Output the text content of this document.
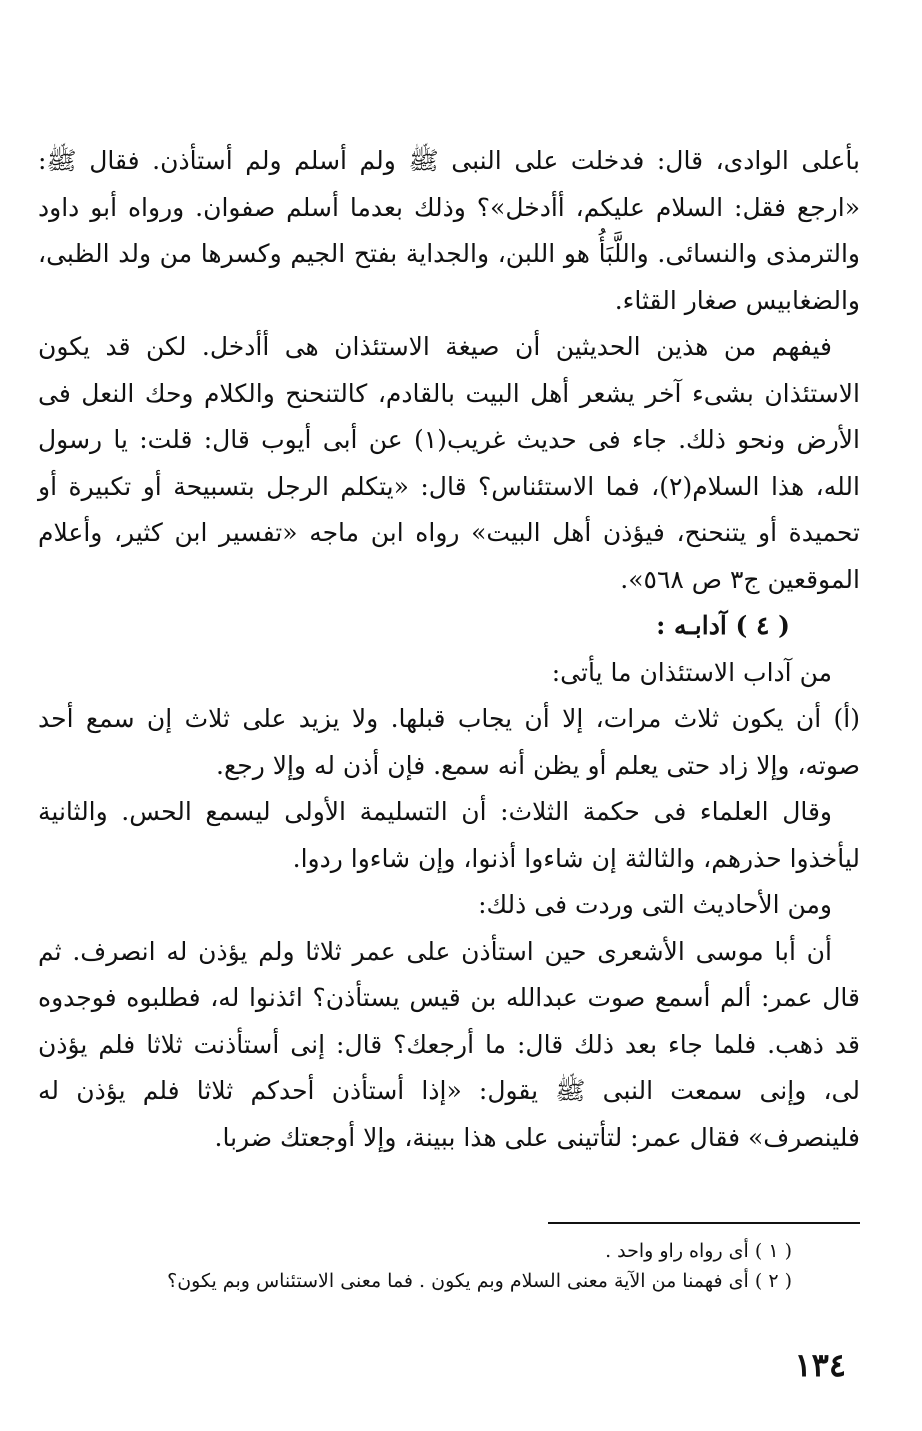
بأعلى الوادى، قال: فدخلت على النبى ﷺ ولم أسلم ولم أستأذن. فقال ﷺ: «ارجع فقل: السلام عليكم، أأدخل»؟ وذلك بعدما أسلم صفوان. ورواه أبو داود والترمذى والنسائى. واللَّبَأُ هو اللبن، والجداية بفتح الجيم وكسرها من ولد الظبى، والضغابيس صغار القثاء.

فيفهم من هذين الحديثين أن صيغة الاستئذان هى أأدخل. لكن قد يكون الاستئذان بشىء آخر يشعر أهل البيت بالقادم، كالتنحنح والكلام وحك النعل فى الأرض ونحو ذلك. جاء فى حديث غريب(١) عن أبى أيوب قال: قلت: يا رسول الله، هذا السلام(٢)، فما الاستئناس؟ قال: «يتكلم الرجل بتسبيحة أو تكبيرة أو تحميدة أو يتنحنح، فيؤذن أهل البيت» رواه ابن ماجه «تفسير ابن كثير، وأعلام الموقعين ج٣ ص ٥٦٨».

( ٤ ) آدابـه :

من آداب الاستئذان ما يأتى:

(أ) أن يكون ثلاث مرات، إلا أن يجاب قبلها. ولا يزيد على ثلاث إن سمع أحد صوته، وإلا زاد حتى يعلم أو يظن أنه سمع. فإن أذن له وإلا رجع.

وقال العلماء فى حكمة الثلاث: أن التسليمة الأولى ليسمع الحس. والثانية ليأخذوا حذرهم، والثالثة إن شاءوا أذنوا، وإن شاءوا ردوا.

ومن الأحاديث التى وردت فى ذلك:

أن أبا موسى الأشعرى حين استأذن على عمر ثلاثا ولم يؤذن له انصرف. ثم قال عمر: ألم أسمع صوت عبدالله بن قيس يستأذن؟ ائذنوا له، فطلبوه فوجدوه قد ذهب. فلما جاء بعد ذلك قال: ما أرجعك؟ قال: إنى أستأذنت ثلاثا فلم يؤذن لى، وإنى سمعت النبى ﷺ يقول: «إذا أستأذن أحدكم ثلاثا فلم يؤذن له فلينصرف» فقال عمر: لتأتينى على هذا ببينة، وإلا أوجعتك ضربا.

( ١ ) أى رواه راو واحد .

( ٢ ) أى فهمنا من الآية معنى السلام وبم يكون . فما معنى الاستئناس وبم يكون؟

١٣٤
